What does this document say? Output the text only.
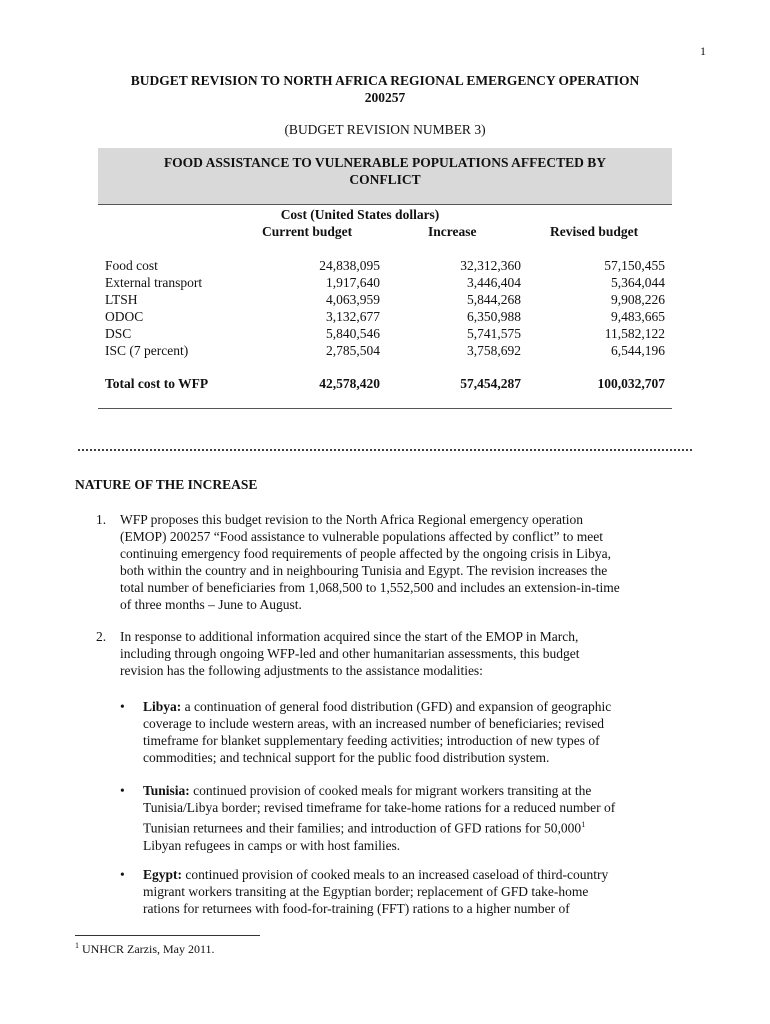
1
BUDGET REVISION TO NORTH AFRICA REGIONAL EMERGENCY OPERATION
200257
(BUDGET REVISION NUMBER 3)
FOOD ASSISTANCE TO VULNERABLE POPULATIONS AFFECTED BY
CONFLICT
Cost (United States dollars)
Current budget	Increase	Revised budget
Food cost	24,838,095	32,312,360	57,150,455
External transport	1,917,640	3,446,404	5,364,044
LTSH	4,063,959	5,844,268	9,908,226
ODOC	3,132,677	6,350,988	9,483,665
DSC	5,840,546	5,741,575	11,582,122
ISC (7 percent)	2,785,504	3,758,692	6,544,196
Total cost to WFP	42,578,420	57,454,287	100,032,707
NATURE OF THE INCREASE
1. WFP proposes this budget revision to the North Africa Regional emergency operation
(EMOP) 200257 “Food assistance to vulnerable populations affected by conflict” to meet
continuing emergency food requirements of people affected by the ongoing crisis in Libya,
both within the country and in neighbouring Tunisia and Egypt. The revision increases the
total number of beneficiaries from 1,068,500 to 1,552,500 and includes an extension-in-time
of three months – June to August.
2. In response to additional information acquired since the start of the EMOP in March,
including through ongoing WFP-led and other humanitarian assessments, this budget
revision has the following adjustments to the assistance modalities:
• Libya: a continuation of general food distribution (GFD) and expansion of geographic
coverage to include western areas, with an increased number of beneficiaries; revised
timeframe for blanket supplementary feeding activities; introduction of new types of
commodities; and technical support for the public food distribution system.
• Tunisia: continued provision of cooked meals for migrant workers transiting at the
Tunisia/Libya border; revised timeframe for take-home rations for a reduced number of
Tunisian returnees and their families; and introduction of GFD rations for 50,000$^1$
Libyan refugees in camps or with host families.
• Egypt: continued provision of cooked meals to an increased caseload of third-country
migrant workers transiting at the Egyptian border; replacement of GFD take-home
rations for returnees with food-for-training (FFT) rations to a higher number of
$^1$ UNHCR Zarzis, May 2011.
